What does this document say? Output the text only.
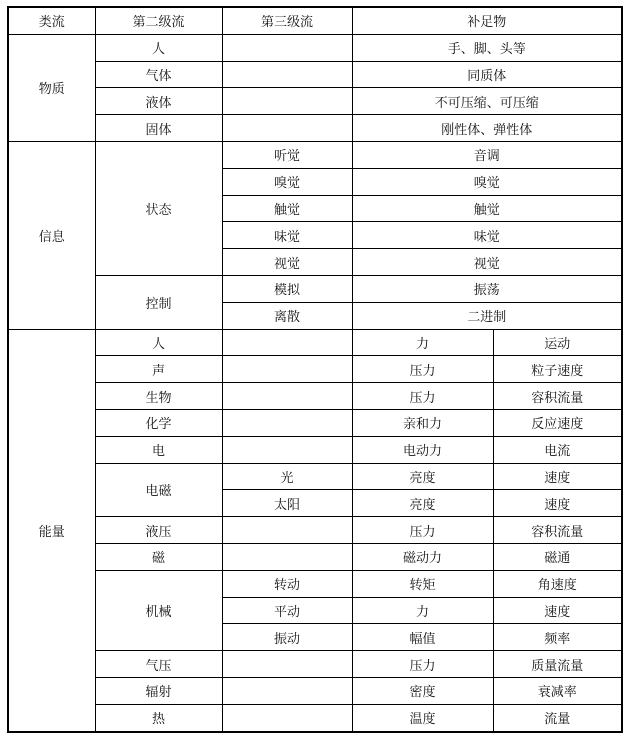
类流	第二级流	第三级流	补足物	
物质	人		手、脚、头等	
	气体		同质体	
	液体		不可压缩、可压缩	
	固体		刚性体、弹性体	
信息	状态	听觉	音调	
		嗅觉	嗅觉	
		触觉	触觉	
		味觉	味觉	
		视觉	视觉	
	控制	模拟	振荡	
		离散	二进制	
能量	人		力	运动
	声		压力	粒子速度
	生物		压力	容积流量
	化学		亲和力	反应速度
	电		电动力	电流
	电磁	光	亮度	速度
		太阳	亮度	速度
	液压		压力	容积流量
	磁		磁动力	磁通
	机械	转动	转矩	角速度
		平动	力	速度
		振动	幅值	频率
	气压		压力	质量流量
	辐射		密度	衰减率
	热		温度	流量
